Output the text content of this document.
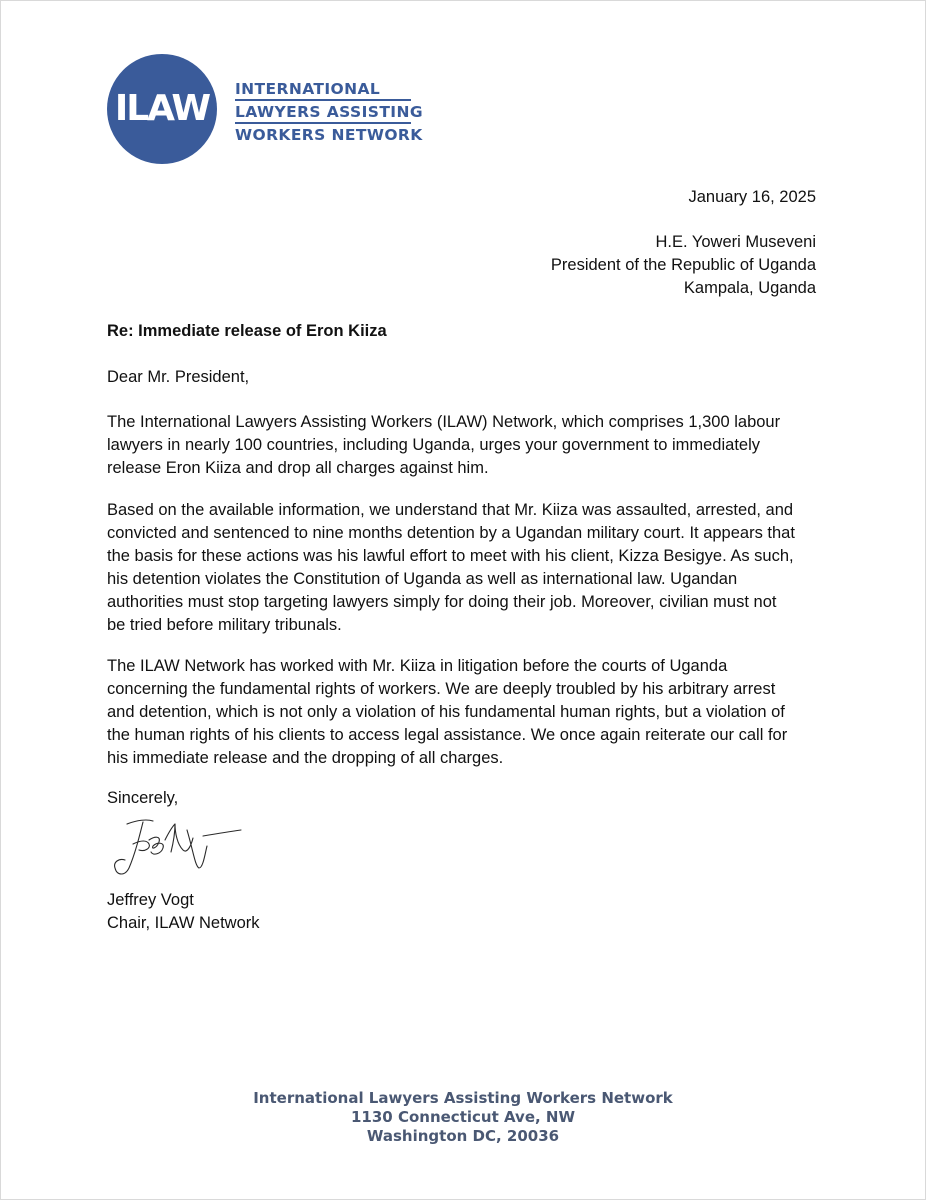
ILAW	INTERNATIONAL
LAWYERS ASSISTING
WORKERS NETWORK
January 16, 2025
H.E. Yoweri Museveni
President of the Republic of Uganda
Kampala, Uganda
Re: Immediate release of Eron Kiiza
Dear Mr. President,
The International Lawyers Assisting Workers (ILAW) Network, which comprises 1,300 labour
lawyers in nearly 100 countries, including Uganda, urges your government to immediately
release Eron Kiiza and drop all charges against him.
Based on the available information, we understand that Mr. Kiiza was assaulted, arrested, and
convicted and sentenced to nine months detention by a Ugandan military court. It appears that
the basis for these actions was his lawful effort to meet with his client, Kizza Besigye. As such,
his detention violates the Constitution of Uganda as well as international law. Ugandan
authorities must stop targeting lawyers simply for doing their job. Moreover, civilian must not
be tried before military tribunals.
The ILAW Network has worked with Mr. Kiiza in litigation before the courts of Uganda
concerning the fundamental rights of workers. We are deeply troubled by his arbitrary arrest
and detention, which is not only a violation of his fundamental human rights, but a violation of
the human rights of his clients to access legal assistance. We once again reiterate our call for
his immediate release and the dropping of all charges.
Sincerely,
Jeffrey Vogt
Chair, ILAW Network
International Lawyers Assisting Workers Network
1130 Connecticut Ave, NW
Washington DC, 20036
